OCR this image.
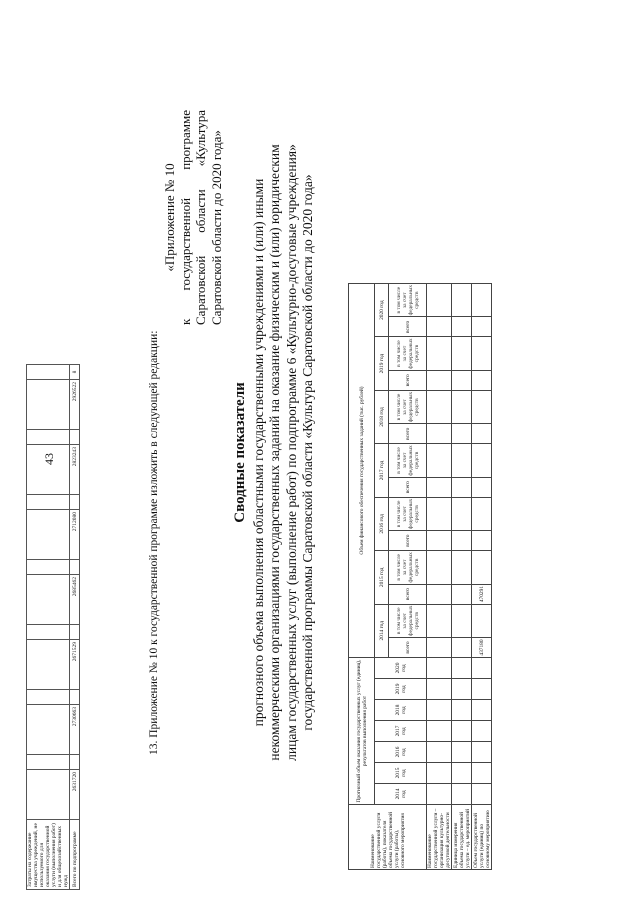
Затраты на содержание имущества учреждений, не используемого для оказания государственной услуги (выполнения работ) и для общехозяйственных нужд														
Всего по подпрограмме	2631720		2730663		2671529		2685462		2712080		2823243		2926522	8
43	13. Приложение № 10 к государственной программе изложить в следующей редакции:
«Приложение № 10 к государственной программе Саратовской области «Культура Саратовской области до 2020 года»
Сводные показатели прогнозного объема выполнения областными государственными учреждениями и (или) иными некоммерческими организациями государственных заданий на оказание физическим и (или) юридическим лицам государственных услуг (выполнение работ) по подпрограмме 6 «Культурно-досуговые учреждения» государственной программы Саратовской области «Культура Саратовской области до 2020 года»
Наименование государственной услуги (работы), показателя объема государственной услуги (работы), основного мероприятия	Прогнозный объем оказания государственных услуг (единиц), результатов выполнения работ							Объем финансового обеспечения государственных заданий (тыс. рублей)													
	2014 год	2015 год	2016 год	2017 год	2018 год	2019 год	2020 год	2014 год		2015 год		2016 год		2017 год		2018 год		2019 год		2020 год	
								всего	в том числе за счет федеральных средств	всего	в том числе за счет федеральных средств	всего	в том числе за счет федеральных средств	всего	в том числе за счет федеральных средств	всего	в том числе за счет федеральных средств	всего	в том числе за счет федеральных средств	всего	в том числе за счет федеральных средств
Наименование государственной услуги – организация культурно-досуговой деятельности																					
Единица измерения объема государственной услуги – ед. мероприятий																					
Объем государственной услуги (единиц) по основному мероприятию								437180		470291											
